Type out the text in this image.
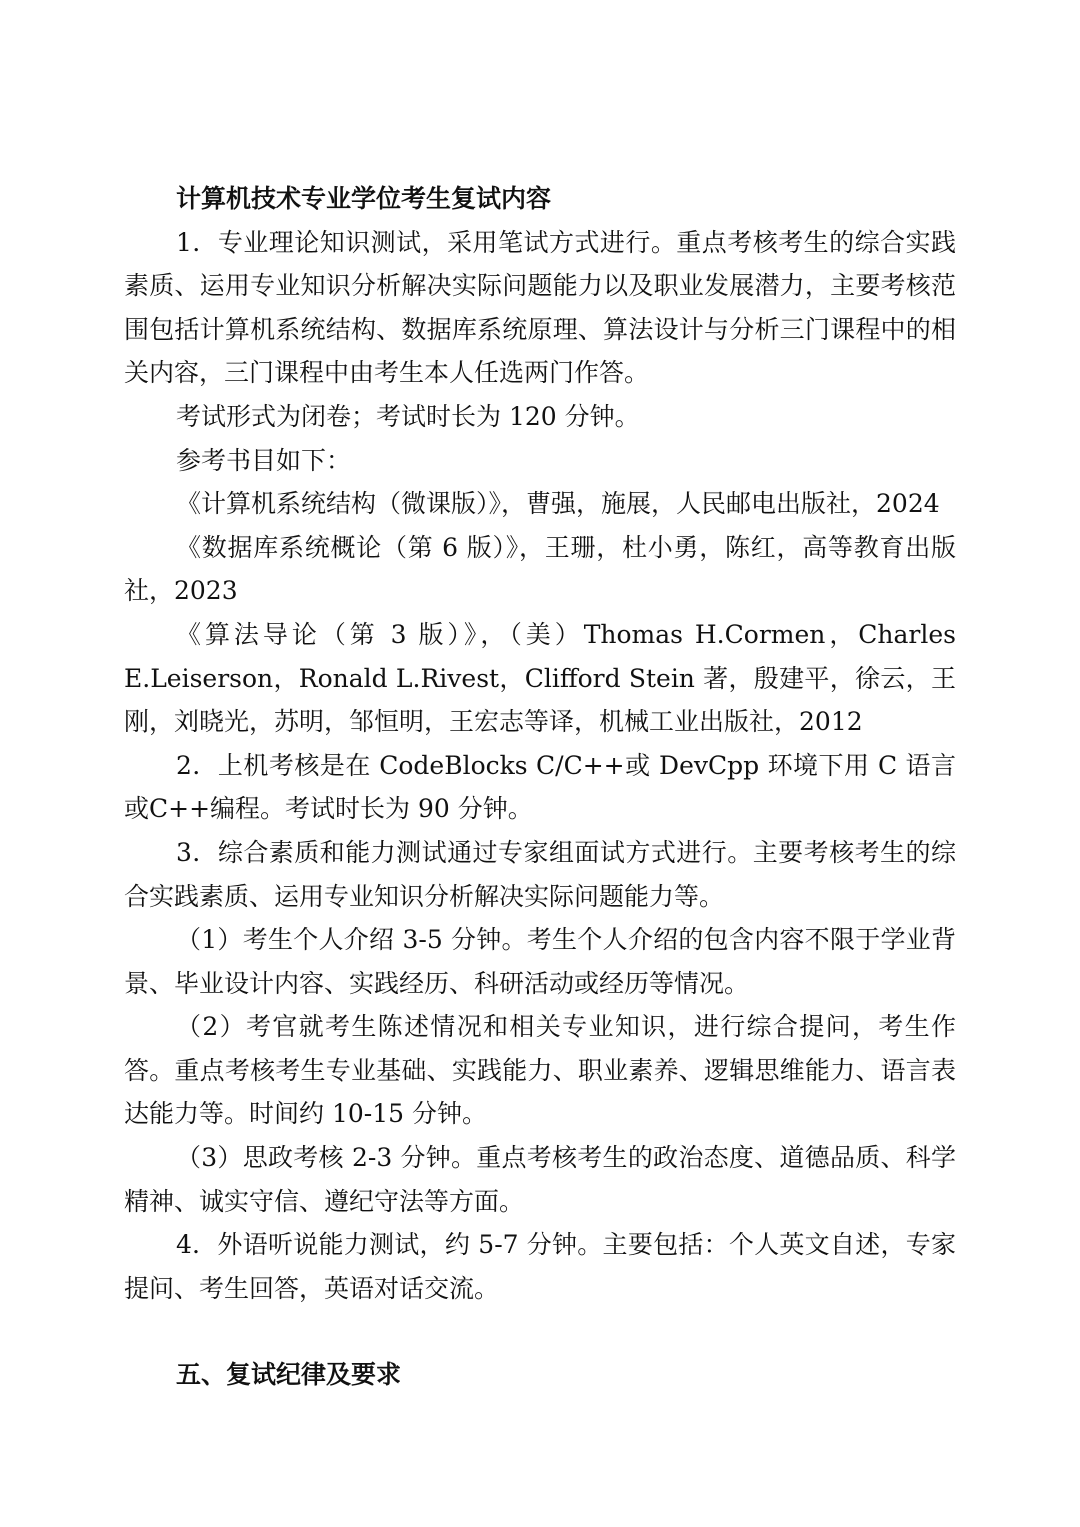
计算机技术专业学位考生复试内容

1．专业理论知识测试，采用笔试方式进行。重点考核考生的综合实践素质、运用专业知识分析解决实际问题能力以及职业发展潜力，主要考核范围包括计算机系统结构、数据库系统原理、算法设计与分析三门课程中的相关内容，三门课程中由考生本人任选两门作答。

考试形式为闭卷；考试时长为 120 分钟。

参考书目如下：

《计算机系统结构（微课版）》，曹强，施展，人民邮电出版社，2024

《数据库系统概论（第 6 版）》，王珊，杜小勇，陈红，高等教育出版社，2023

《算法导论（第 3 版）》，（美）Thomas H.Cormen，Charles E.Leiserson，Ronald L.Rivest，Clifford Stein 著，殷建平，徐云，王刚，刘晓光，苏明，邹恒明，王宏志等译，机械工业出版社，2012

2．上机考核是在 CodeBlocks C/C++或 DevCpp 环境下用 C 语言或C++编程。考试时长为 90 分钟。

3．综合素质和能力测试通过专家组面试方式进行。主要考核考生的综合实践素质、运用专业知识分析解决实际问题能力等。

（1）考生个人介绍 3-5 分钟。考生个人介绍的包含内容不限于学业背景、毕业设计内容、实践经历、科研活动或经历等情况。

（2）考官就考生陈述情况和相关专业知识，进行综合提问，考生作答。重点考核考生专业基础、实践能力、职业素养、逻辑思维能力、语言表达能力等。时间约 10-15 分钟。

（3）思政考核 2-3 分钟。重点考核考生的政治态度、道德品质、科学精神、诚实守信、遵纪守法等方面。

4．外语听说能力测试，约 5-7 分钟。主要包括：个人英文自述，专家提问、考生回答，英语对话交流。

五、复试纪律及要求
